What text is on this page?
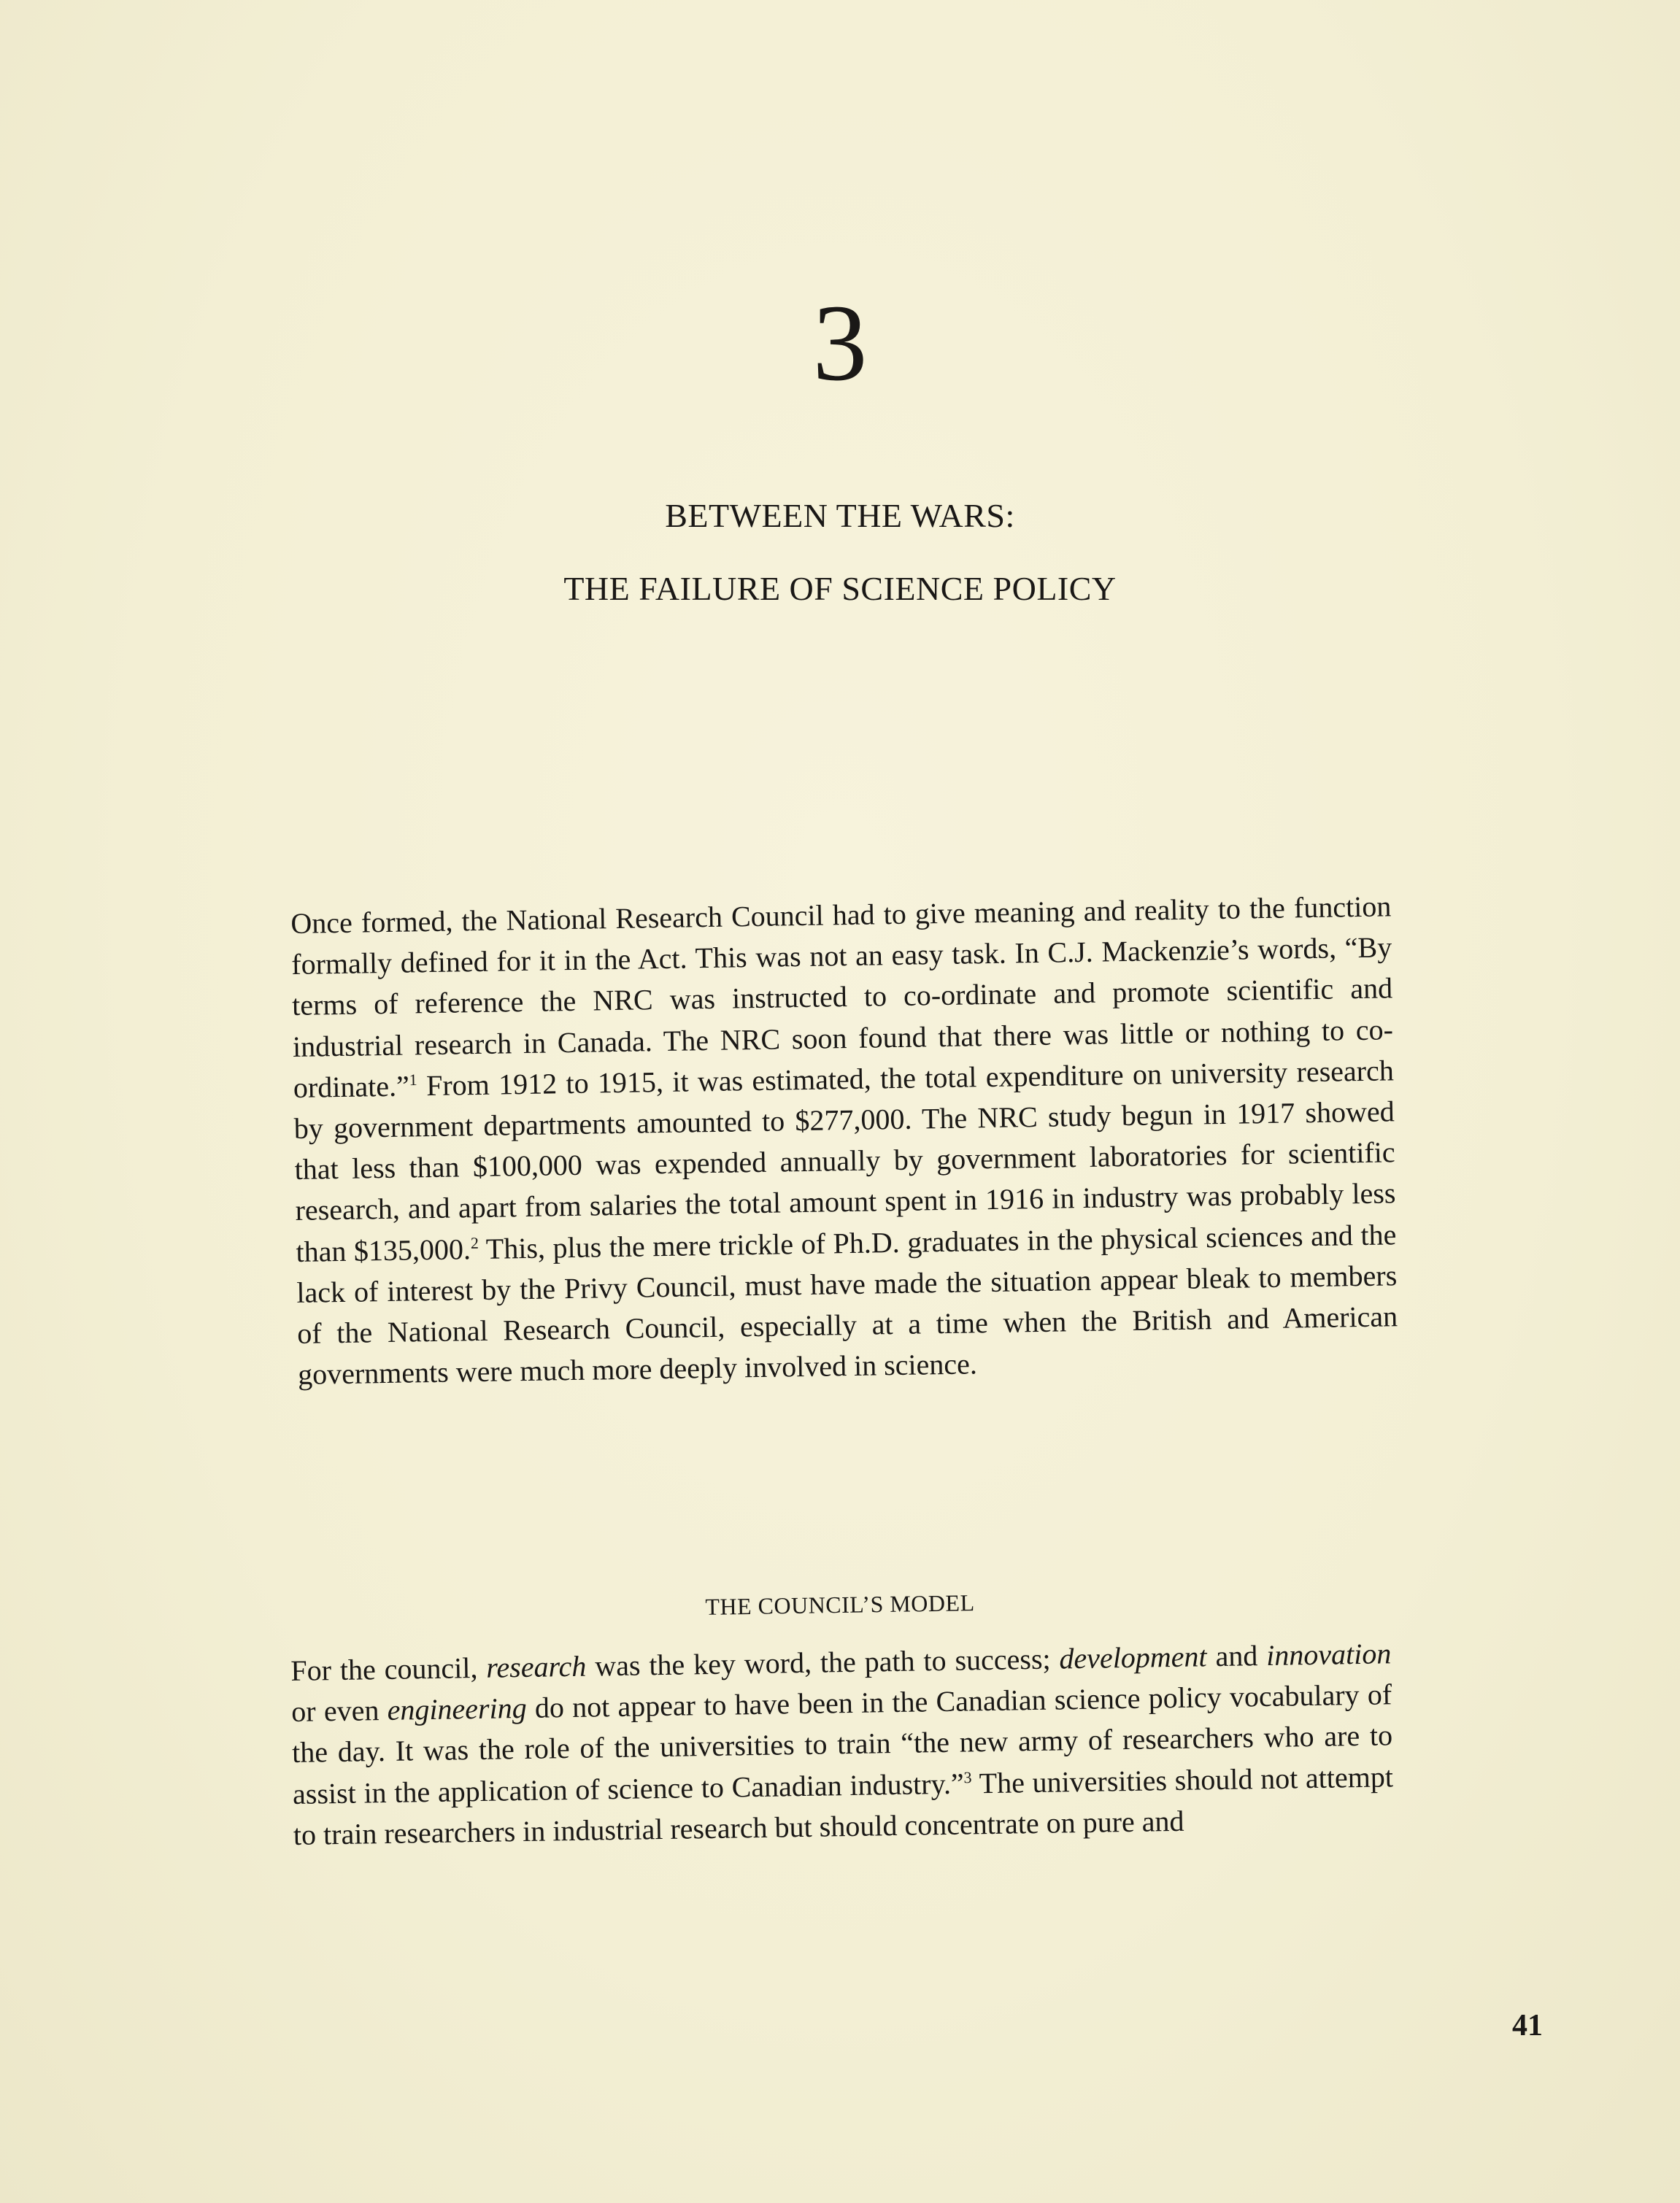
3
BETWEEN THE WARS:
THE FAILURE OF SCIENCE POLICY
Once formed, the National Research Council had to give meaning and reality to the function formally defined for it in the Act. This was not an easy task. In C.J. Mackenzie’s words, “By terms of reference the NRC was instructed to co-ordinate and promote scientific and industrial research in Canada. The NRC soon found that there was little or nothing to co-ordinate.”$^1$ From 1912 to 1915, it was estimated, the total expenditure on university research by government departments amounted to $277,000. The NRC study begun in 1917 showed that less than $100,000 was expended annually by government laboratories for scientific research, and apart from salaries the total amount spent in 1916 in industry was probably less than $135,000.$^2$ This, plus the mere trickle of Ph.D. graduates in the physical sciences and the lack of interest by the Privy Council, must have made the situation appear bleak to members of the National Research Council, especially at a time when the British and American governments were much more deeply involved in science.
THE COUNCIL’S MODEL
For the council, research was the key word, the path to success; development and innovation or even engineering do not appear to have been in the Canadian science policy vocabulary of the day. It was the role of the universities to train “the new army of researchers who are to assist in the application of science to Canadian industry.”$^3$ The universities should not attempt to train researchers in industrial research but should concentrate on pure and
41
